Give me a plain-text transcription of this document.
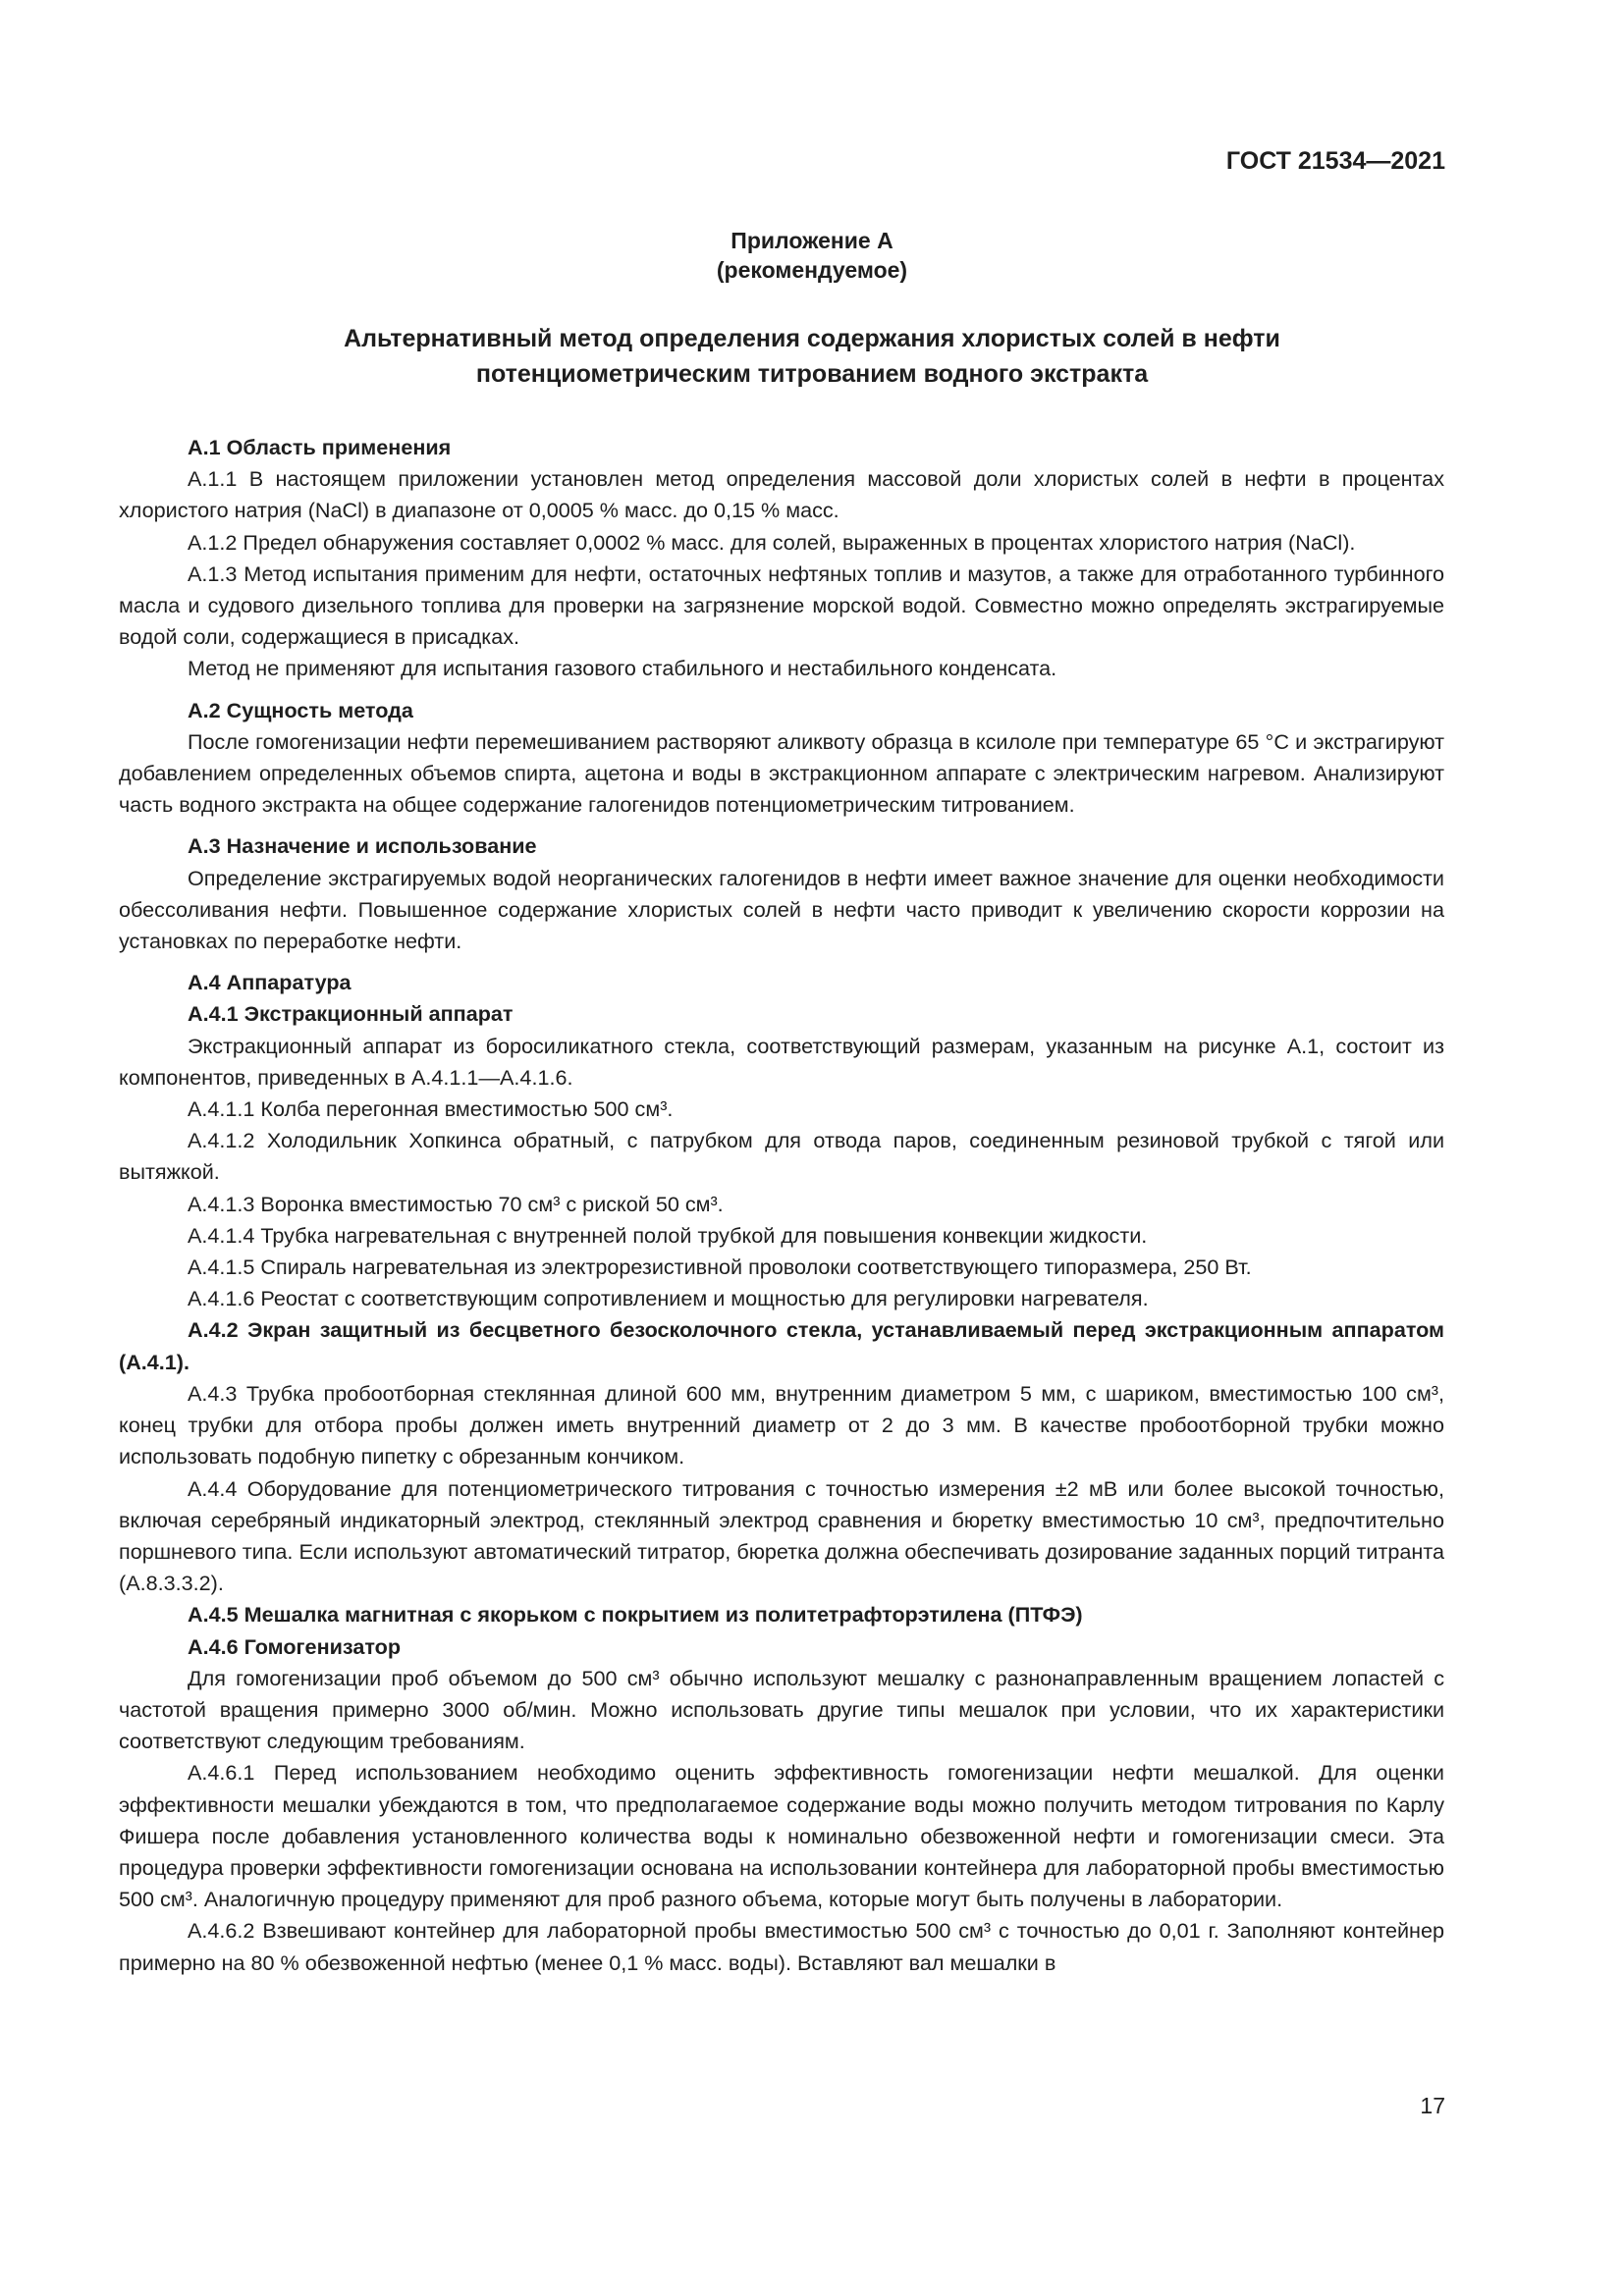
ГОСТ 21534—2021
Приложение А
(рекомендуемое)
Альтернативный метод определения содержания хлористых солей в нефти
потенциометрическим титрованием водного экстракта
А.1 Область применения

А.1.1 В настоящем приложении установлен метод определения массовой доли хлористых солей в нефти в процентах хлористого натрия (NaCl) в диапазоне от 0,0005 % масс. до 0,15 % масс.

А.1.2 Предел обнаружения составляет 0,0002 % масс. для солей, выраженных в процентах хлористого натрия (NaCl).

А.1.3 Метод испытания применим для нефти, остаточных нефтяных топлив и мазутов, а также для отработанного турбинного масла и судового дизельного топлива для проверки на загрязнение морской водой. Совместно можно определять экстрагируемые водой соли, содержащиеся в присадках.

Метод не применяют для испытания газового стабильного и нестабильного конденсата.

А.2 Сущность метода

После гомогенизации нефти перемешиванием растворяют аликвоту образца в ксилоле при температуре 65 °С и экстрагируют добавлением определенных объемов спирта, ацетона и воды в экстракционном аппарате с электрическим нагревом. Анализируют часть водного экстракта на общее содержание галогенидов потенциометрическим титрованием.

А.3 Назначение и использование

Определение экстрагируемых водой неорганических галогенидов в нефти имеет важное значение для оценки необходимости обессоливания нефти. Повышенное содержание хлористых солей в нефти часто приводит к увеличению скорости коррозии на установках по переработке нефти.

А.4 Аппаратура
А.4.1 Экстракционный аппарат

Экстракционный аппарат из боросиликатного стекла, соответствующий размерам, указанным на рисунке А.1, состоит из компонентов, приведенных в А.4.1.1—А.4.1.6.

А.4.1.1 Колба перегонная вместимостью 500 см³.

А.4.1.2 Холодильник Хопкинса обратный, с патрубком для отвода паров, соединенным резиновой трубкой с тягой или вытяжкой.

А.4.1.3 Воронка вместимостью 70 см³ с риской 50 см³.

А.4.1.4 Трубка нагревательная с внутренней полой трубкой для повышения конвекции жидкости.

А.4.1.5 Спираль нагревательная из электрорезистивной проволоки соответствующего типоразмера, 250 Вт.

А.4.1.6 Реостат с соответствующим сопротивлением и мощностью для регулировки нагревателя.

А.4.2 Экран защитный из бесцветного безосколочного стекла, устанавливаемый перед экстракционным аппаратом (А.4.1).

А.4.3 Трубка пробоотборная стеклянная длиной 600 мм, внутренним диаметром 5 мм, с шариком, вместимостью 100 см³, конец трубки для отбора пробы должен иметь внутренний диаметр от 2 до 3 мм. В качестве пробоотборной трубки можно использовать подобную пипетку с обрезанным кончиком.

А.4.4 Оборудование для потенциометрического титрования с точностью измерения ±2 мВ или более высокой точностью, включая серебряный индикаторный электрод, стеклянный электрод сравнения и бюретку вместимостью 10 см³, предпочтительно поршневого типа. Если используют автоматический титратор, бюретка должна обеспечивать дозирование заданных порций титранта (А.8.3.3.2).

А.4.5 Мешалка магнитная с якорьком с покрытием из политетрафторэтилена (ПТФЭ)
А.4.6 Гомогенизатор

Для гомогенизации проб объемом до 500 см³ обычно используют мешалку с разнонаправленным вращением лопастей с частотой вращения примерно 3000 об/мин. Можно использовать другие типы мешалок при условии, что их характеристики соответствуют следующим требованиям.

А.4.6.1 Перед использованием необходимо оценить эффективность гомогенизации нефти мешалкой. Для оценки эффективности мешалки убеждаются в том, что предполагаемое содержание воды можно получить методом титрования по Карлу Фишера после добавления установленного количества воды к номинально обезвоженной нефти и гомогенизации смеси. Эта процедура проверки эффективности гомогенизации основана на использовании контейнера для лабораторной пробы вместимостью 500 см³. Аналогичную процедуру применяют для проб разного объема, которые могут быть получены в лаборатории.

А.4.6.2 Взвешивают контейнер для лабораторной пробы вместимостью 500 см³ с точностью до 0,01 г. Заполняют контейнер примерно на 80 % обезвоженной нефтью (менее 0,1 % масс. воды). Вставляют вал мешалки в

17
